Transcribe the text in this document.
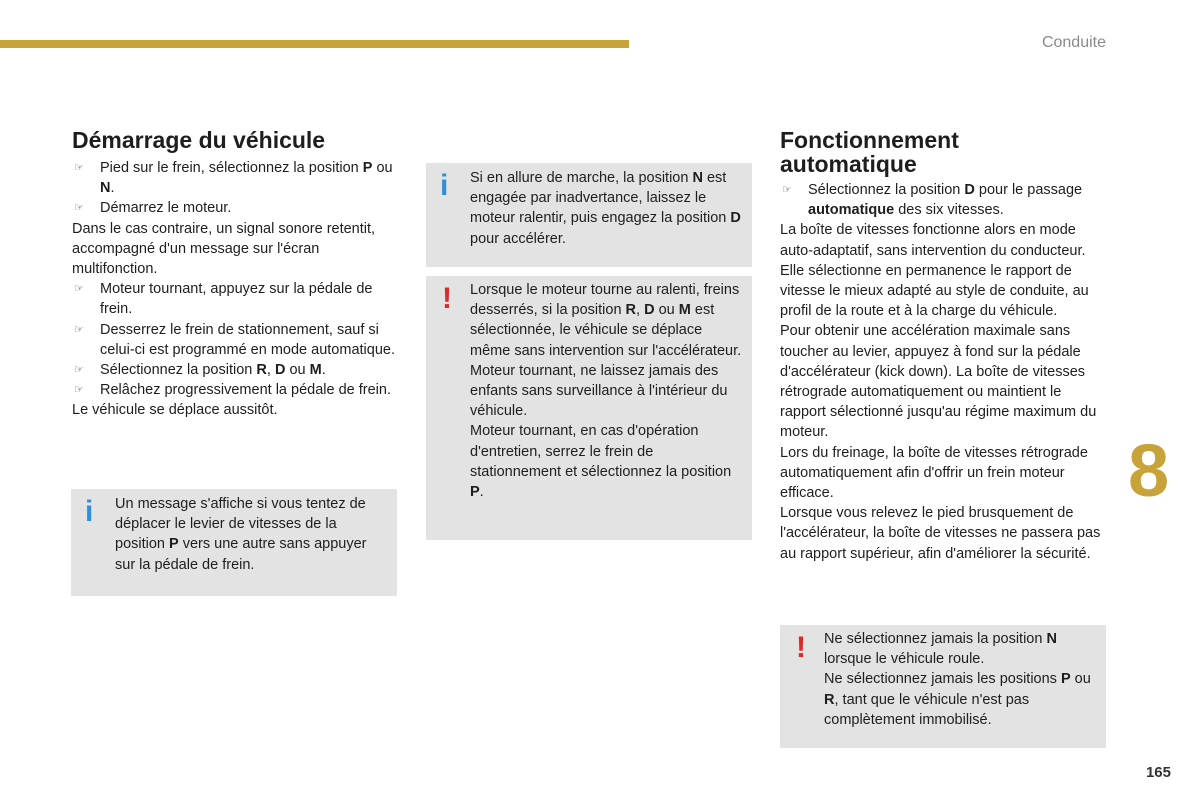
Conduite
Démarrage du véhicule

☞ Pied sur le frein, sélectionnez la position P ou N.

☞ Démarrez le moteur.

Dans le cas contraire, un signal sonore retentit, accompagné d'un message sur l'écran multifonction.

☞ Moteur tournant, appuyez sur la pédale de frein.

☞ Desserrez le frein de stationnement, sauf si celui-ci est programmé en mode automatique.

☞ Sélectionnez la position R, D ou M.

☞ Relâchez progressivement la pédale de frein.

Le véhicule se déplace aussitôt.

i Un message s'affiche si vous tentez de déplacer le levier de vitesses de la position P vers une autre sans appuyer sur la pédale de frein.

i Si en allure de marche, la position N est engagée par inadvertance, laissez le moteur ralentir, puis engagez la position D pour accélérer.

! Lorsque le moteur tourne au ralenti, freins desserrés, si la position R, D ou M est sélectionnée, le véhicule se déplace même sans intervention sur l'accélérateur.

Moteur tournant, ne laissez jamais des enfants sans surveillance à l'intérieur du véhicule.

Moteur tournant, en cas d'opération d'entretien, serrez le frein de stationnement et sélectionnez la position P.

Fonctionnement
automatique

☞ Sélectionnez la position D pour le passage automatique des six vitesses.

La boîte de vitesses fonctionne alors en mode auto-adaptatif, sans intervention du conducteur. Elle sélectionne en permanence le rapport de vitesse le mieux adapté au style de conduite, au profil de la route et à la charge du véhicule.

Pour obtenir une accélération maximale sans toucher au levier, appuyez à fond sur la pédale d'accélérateur (kick down). La boîte de vitesses rétrograde automatiquement ou maintient le rapport sélectionné jusqu'au régime maximum du moteur.

Lors du freinage, la boîte de vitesses rétrograde automatiquement afin d'offrir un frein moteur efficace.

Lorsque vous relevez le pied brusquement de l'accélérateur, la boîte de vitesses ne passera pas au rapport supérieur, afin d'améliorer la sécurité.

! Ne sélectionnez jamais la position N lorsque le véhicule roule.

Ne sélectionnez jamais les positions P ou R, tant que le véhicule n'est pas complètement immobilisé.

8
165
